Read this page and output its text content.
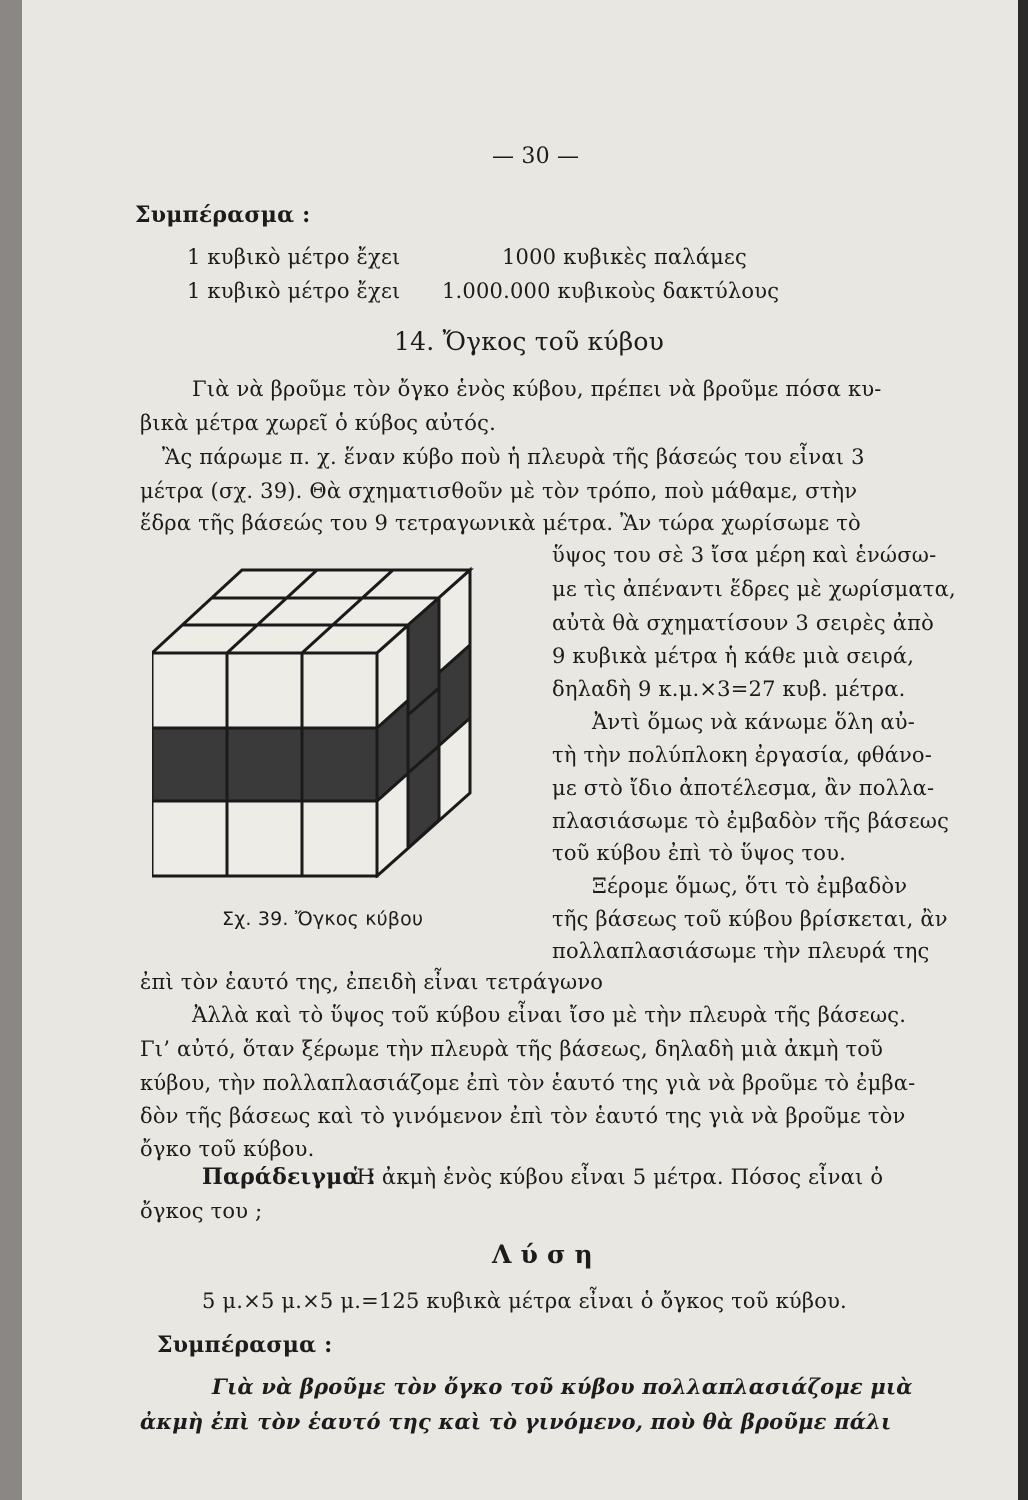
— 30 —
Συμπέρασμα :
1 κυβικὸ μέτρο ἔχει	1000 κυβικὲς παλάμες
1 κυβικὸ μέτρο ἔχει 1.000.000 κυβικοὺς δακτύλους
14. Ὄγκος τοῦ κύβου
Γιὰ νὰ βροῦμε τὸν ὄγκο ἑνὸς κύβου, πρέπει νὰ βροῦμε πόσα κυ-
βικὰ μέτρα χωρεῖ ὁ κύβος αὐτός.
Ἂς πάρωμε π. χ. ἕναν κύβο ποὺ ἡ πλευρὰ τῆς βάσεώς του εἶναι 3
μέτρα (σχ. 39). Θὰ σχηματισθοῦν μὲ τὸν τρόπο, ποὺ μάθαμε, στὴν
ἕδρα τῆς βάσεώς του 9 τετραγωνικὰ μέτρα. Ἂν τώρα χωρίσωμε τὸ
ὕψος του σὲ 3 ἴσα μέρη καὶ ἑνώσω-
με τὶς ἀπέναντι ἕδρες μὲ χωρίσματα,
αὐτὰ θὰ σχηματίσουν 3 σειρὲς ἀπὸ
9 κυβικὰ μέτρα ἡ κάθε μιὰ σειρά,
δηλαδὴ 9 κ.μ.×3=27 κυβ. μέτρα.
Ἀντὶ ὅμως νὰ κάνωμε ὅλη αὐ-
τὴ τὴν πολύπλοκη ἐργασία, φθάνο-
με στὸ ἴδιο ἀποτέλεσμα, ἂν πολλα-
πλασιάσωμε τὸ ἐμβαδὸν τῆς βάσεως
τοῦ κύβου ἐπὶ τὸ ὕψος του.
Ξέρομε ὅμως, ὅτι τὸ ἐμβαδὸν
τῆς βάσεως τοῦ κύβου βρίσκεται, ἂν
πολλαπλασιάσωμε τὴν πλευρά της
Σχ. 39. Ὄγκος κύβου
ἐπὶ τὸν ἑαυτό της, ἐπειδὴ εἶναι τετράγωνο
Ἀλλὰ καὶ τὸ ὕψος τοῦ κύβου εἶναι ἴσο μὲ τὴν πλευρὰ τῆς βάσεως.
Γι’ αὐτό, ὅταν ξέρωμε τὴν πλευρὰ τῆς βάσεως, δηλαδὴ μιὰ ἀκμὴ τοῦ
κύβου, τὴν πολλαπλασιάζομε ἐπὶ τὸν ἑαυτό της γιὰ νὰ βροῦμε τὸ ἐμβα-
δὸν τῆς βάσεως καὶ τὸ γινόμενον ἐπὶ τὸν ἑαυτό της γιὰ νὰ βροῦμε τὸν
ὄγκο τοῦ κύβου.
Παράδειγμα :
Ἡ ἀκμὴ ἑνὸς κύβου εἶναι 5 μέτρα. Πόσος εἶναι ὁ
ὄγκος του ;
Λ ύ σ η
5 μ.×5 μ.×5 μ.=125 κυβικὰ μέτρα εἶναι ὁ ὄγκος τοῦ κύβου.
Συμπέρασμα :
Γιὰ νὰ βροῦμε τὸν ὄγκο τοῦ κύβου πολλαπλασιάζομε μιὰ
ἀκμὴ ἐπὶ τὸν ἑαυτό της καὶ τὸ γινόμενο, ποὺ θὰ βροῦμε πάλι
